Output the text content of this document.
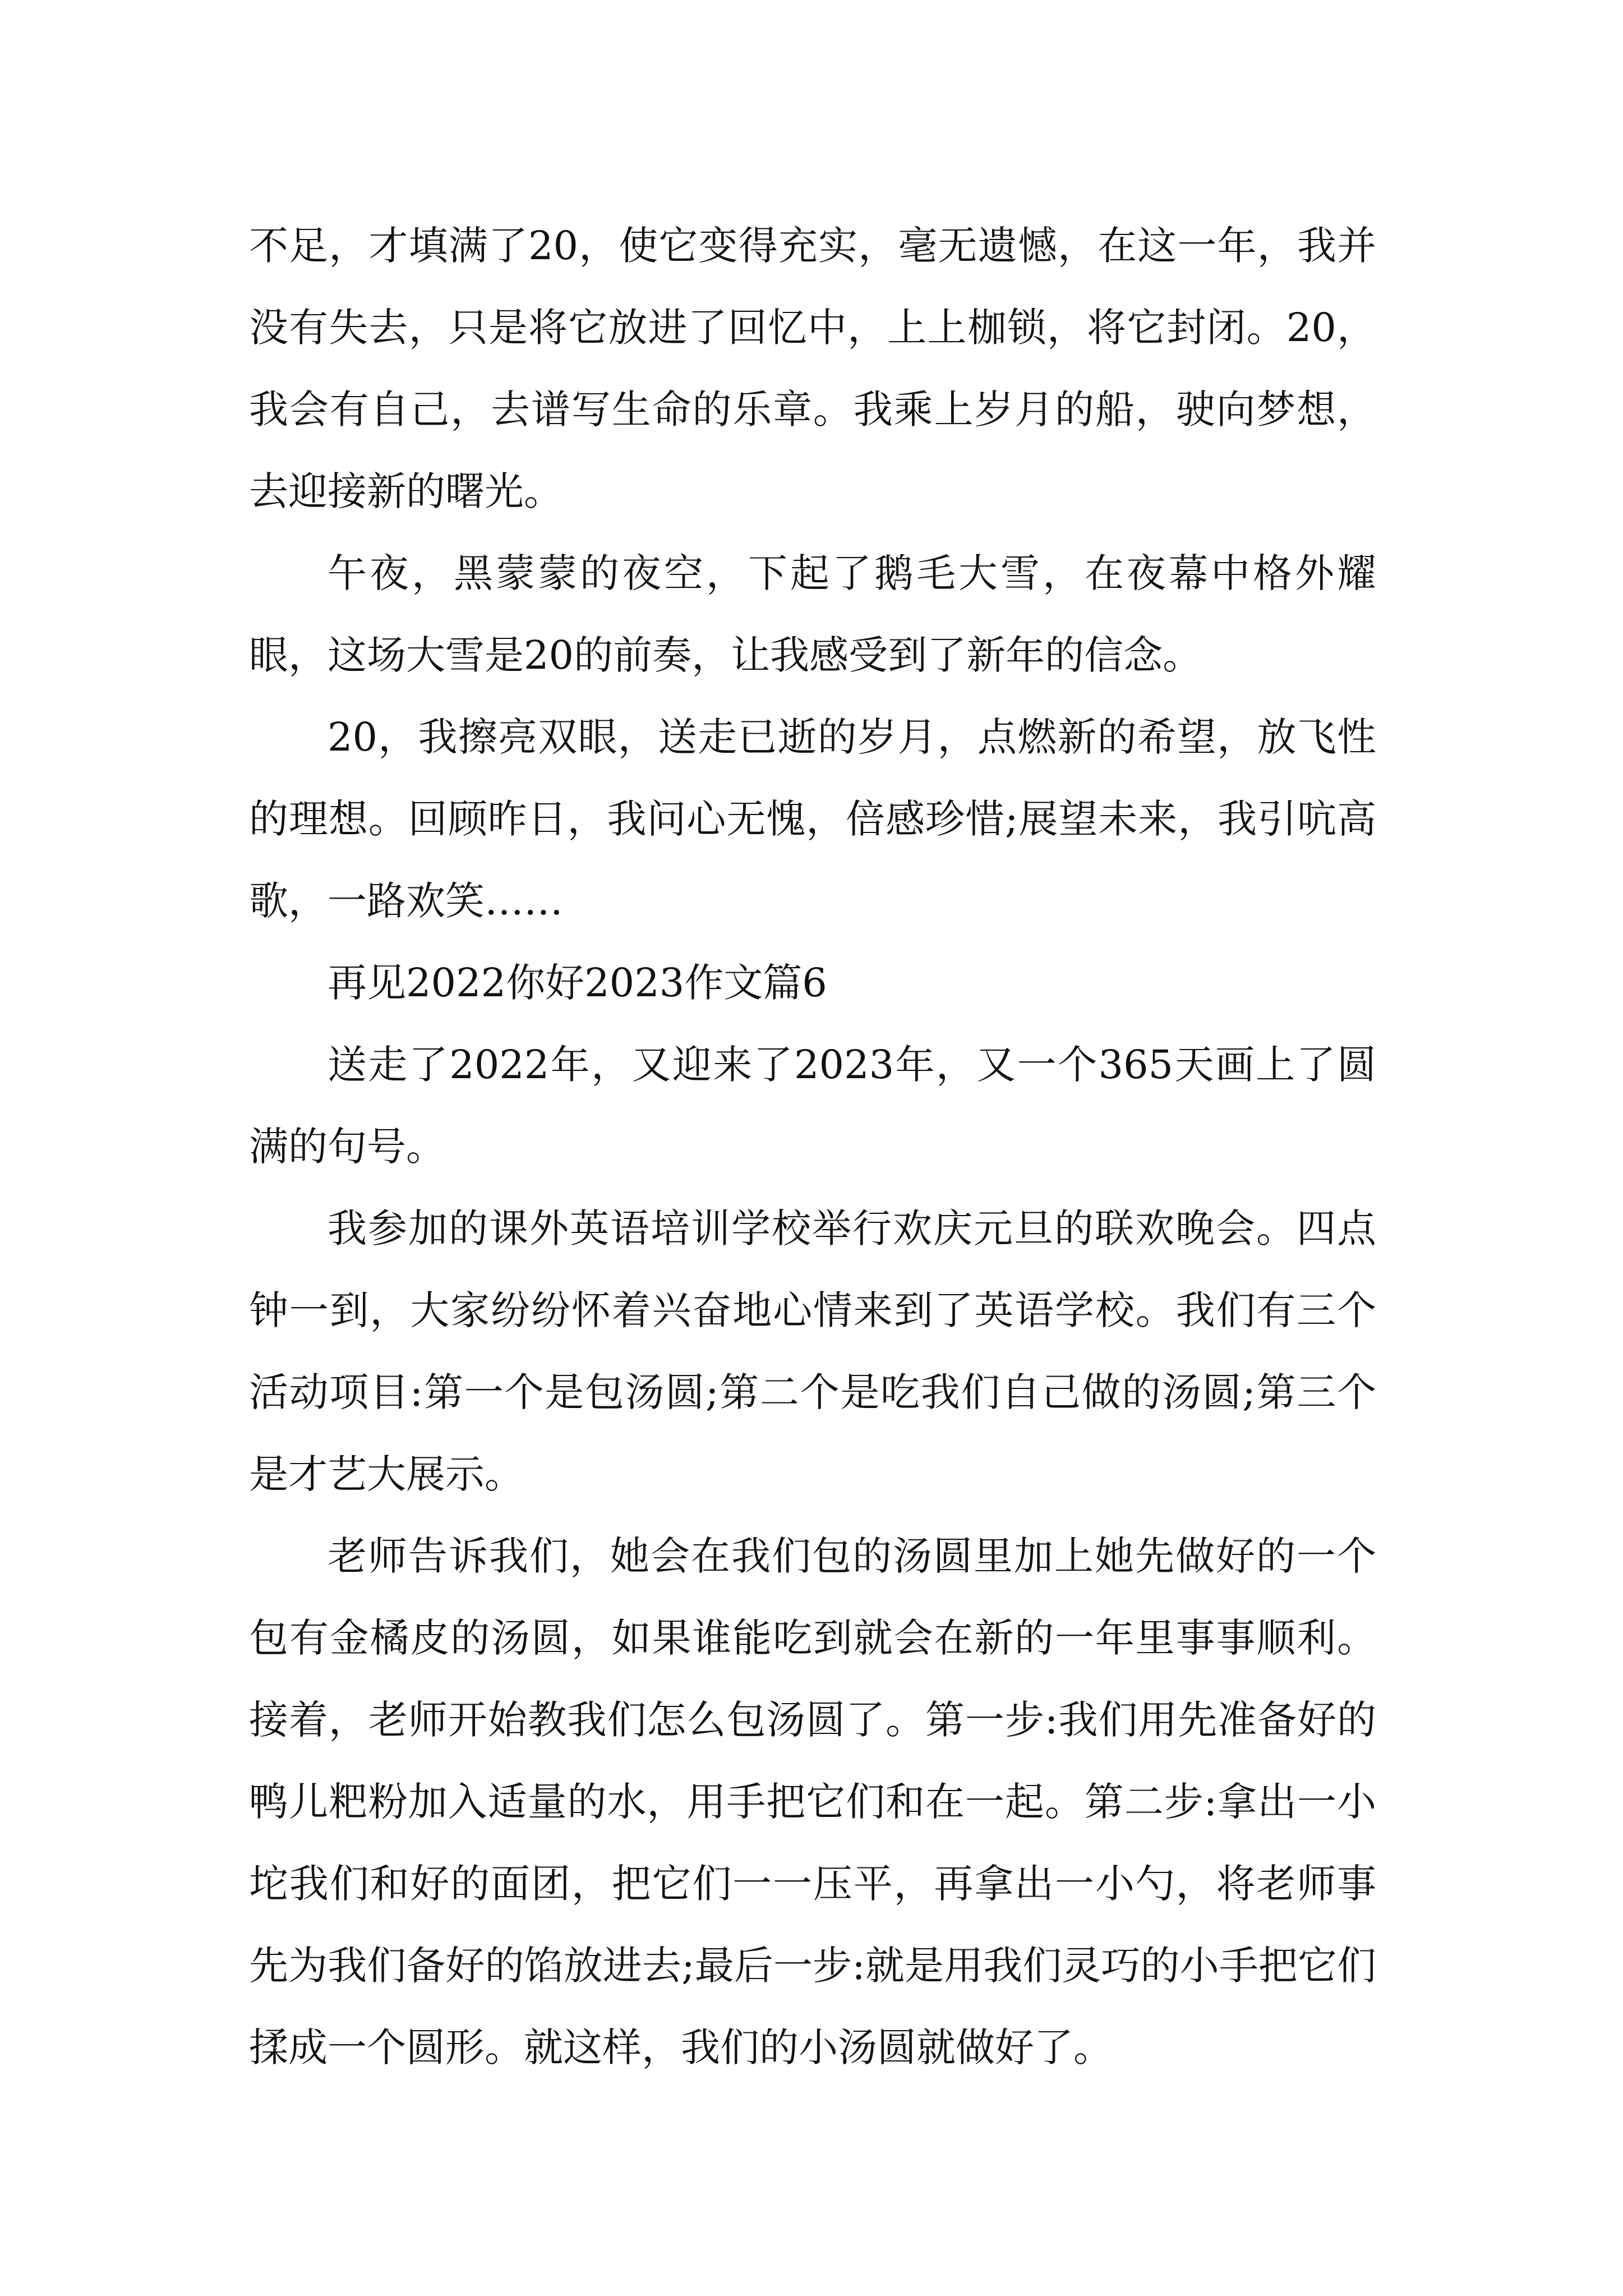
不足，才填满了20，使它变得充实，毫无遗憾，在这一年，我并没有失去，只是将它放进了回忆中，上上枷锁，将它封闭。20，我会有自己，去谱写生命的乐章。我乘上岁月的船，驶向梦想，去迎接新的曙光。

午夜，黑蒙蒙的夜空，下起了鹅毛大雪，在夜幕中格外耀眼，这场大雪是20的前奏，让我感受到了新年的信念。

20，我擦亮双眼，送走已逝的岁月，点燃新的希望，放飞性的理想。回顾昨日，我问心无愧，倍感珍惜;展望未来，我引吭高歌，一路欢笑……

再见2022你好2023作文篇6

送走了2022年，又迎来了2023年，又一个365天画上了圆满的句号。

我参加的课外英语培训学校举行欢庆元旦的联欢晚会。四点钟一到，大家纷纷怀着兴奋地心情来到了英语学校。我们有三个活动项目:第一个是包汤圆;第二个是吃我们自己做的汤圆;第三个是才艺大展示。

老师告诉我们，她会在我们包的汤圆里加上她先做好的一个包有金橘皮的汤圆，如果谁能吃到就会在新的一年里事事顺利。接着，老师开始教我们怎么包汤圆了。第一步:我们用先准备好的鸭儿粑粉加入适量的水，用手把它们和在一起。第二步:拿出一小坨我们和好的面团，把它们一一压平，再拿出一小勺，将老师事先为我们备好的馅放进去;最后一步:就是用我们灵巧的小手把它们揉成一个圆形。就这样，我们的小汤圆就做好了。
